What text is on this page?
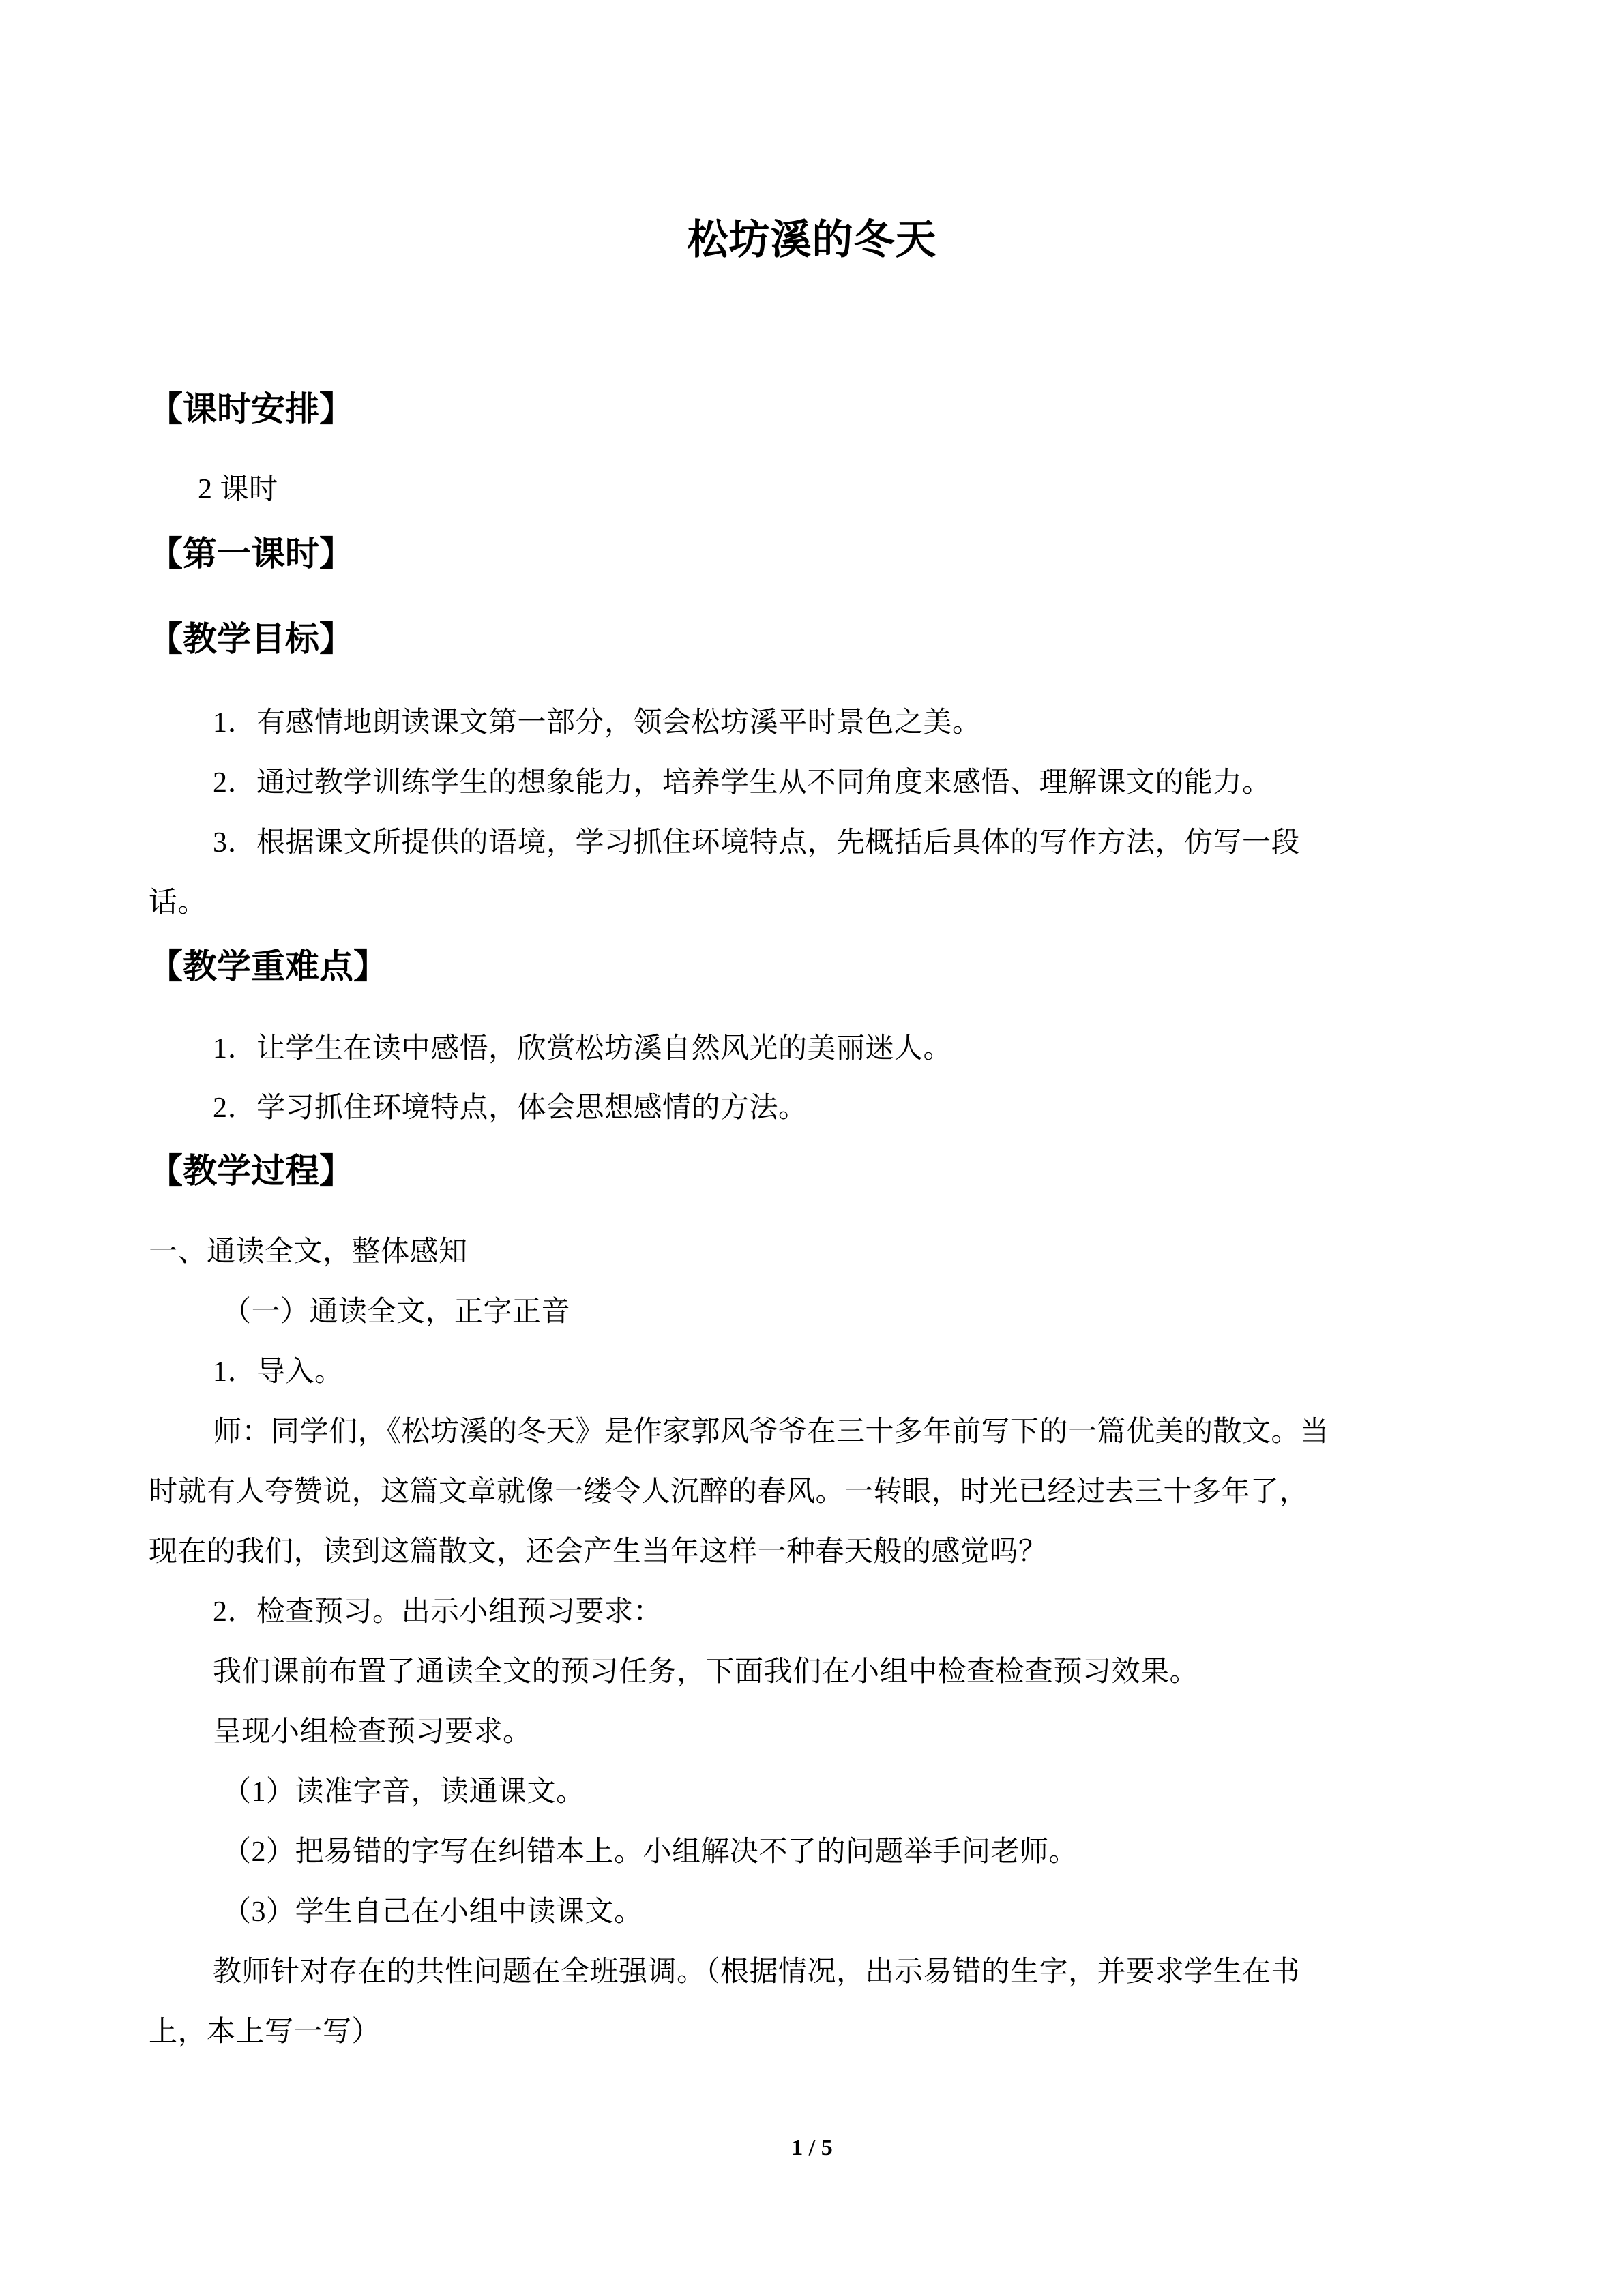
松坊溪的冬天
【课时安排】
2 课时
【第一课时】
【教学目标】
1．有感情地朗读课文第一部分，领会松坊溪平时景色之美。
2．通过教学训练学生的想象能力，培养学生从不同角度来感悟、理解课文的能力。
3．根据课文所提供的语境，学习抓住环境特点，先概括后具体的写作方法，仿写一段
话。
【教学重难点】
1．让学生在读中感悟，欣赏松坊溪自然风光的美丽迷人。
2．学习抓住环境特点，体会思想感情的方法。
【教学过程】
一、通读全文，整体感知
（一）通读全文，正字正音
1．导入。
师：同学们，《松坊溪的冬天》是作家郭风爷爷在三十多年前写下的一篇优美的散文。当
时就有人夸赞说，这篇文章就像一缕令人沉醉的春风。一转眼，时光已经过去三十多年了，
现在的我们，读到这篇散文，还会产生当年这样一种春天般的感觉吗？
2．检查预习。出示小组预习要求：
我们课前布置了通读全文的预习任务，下面我们在小组中检查检查预习效果。
呈现小组检查预习要求。
（1）读准字音，读通课文。
（2）把易错的字写在纠错本上。小组解决不了的问题举手问老师。
（3）学生自己在小组中读课文。
教师针对存在的共性问题在全班强调。（根据情况，出示易错的生字，并要求学生在书
上，本上写一写）
1 / 5
